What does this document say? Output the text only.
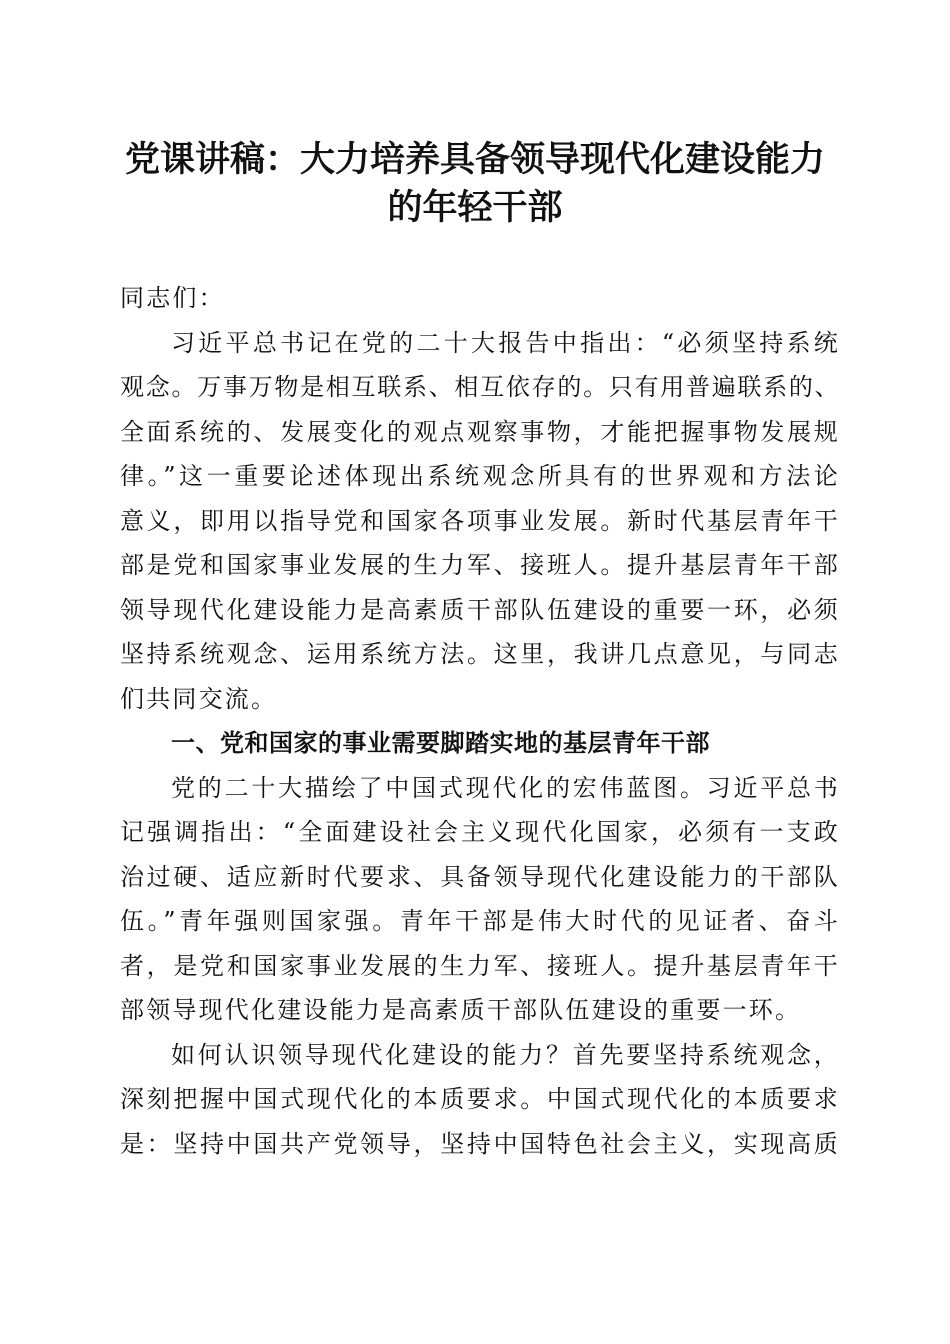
党课讲稿：大力培养具备领导现代化建设能力
的年轻干部
同志们：
习近平总书记在党的二十大报告中指出：“必须坚持系统
观念。万事万物是相互联系、相互依存的。只有用普遍联系的、
全面系统的、发展变化的观点观察事物，才能把握事物发展规
律。”这一重要论述体现出系统观念所具有的世界观和方法论
意义，即用以指导党和国家各项事业发展。新时代基层青年干
部是党和国家事业发展的生力军、接班人。提升基层青年干部
领导现代化建设能力是高素质干部队伍建设的重要一环，必须
坚持系统观念、运用系统方法。这里，我讲几点意见，与同志
们共同交流。
一、党和国家的事业需要脚踏实地的基层青年干部
党的二十大描绘了中国式现代化的宏伟蓝图。习近平总书
记强调指出：“全面建设社会主义现代化国家，必须有一支政
治过硬、适应新时代要求、具备领导现代化建设能力的干部队
伍。”青年强则国家强。青年干部是伟大时代的见证者、奋斗
者，是党和国家事业发展的生力军、接班人。提升基层青年干
部领导现代化建设能力是高素质干部队伍建设的重要一环。
如何认识领导现代化建设的能力？首先要坚持系统观念，
深刻把握中国式现代化的本质要求。中国式现代化的本质要求
是：坚持中国共产党领导，坚持中国特色社会主义，实现高质
